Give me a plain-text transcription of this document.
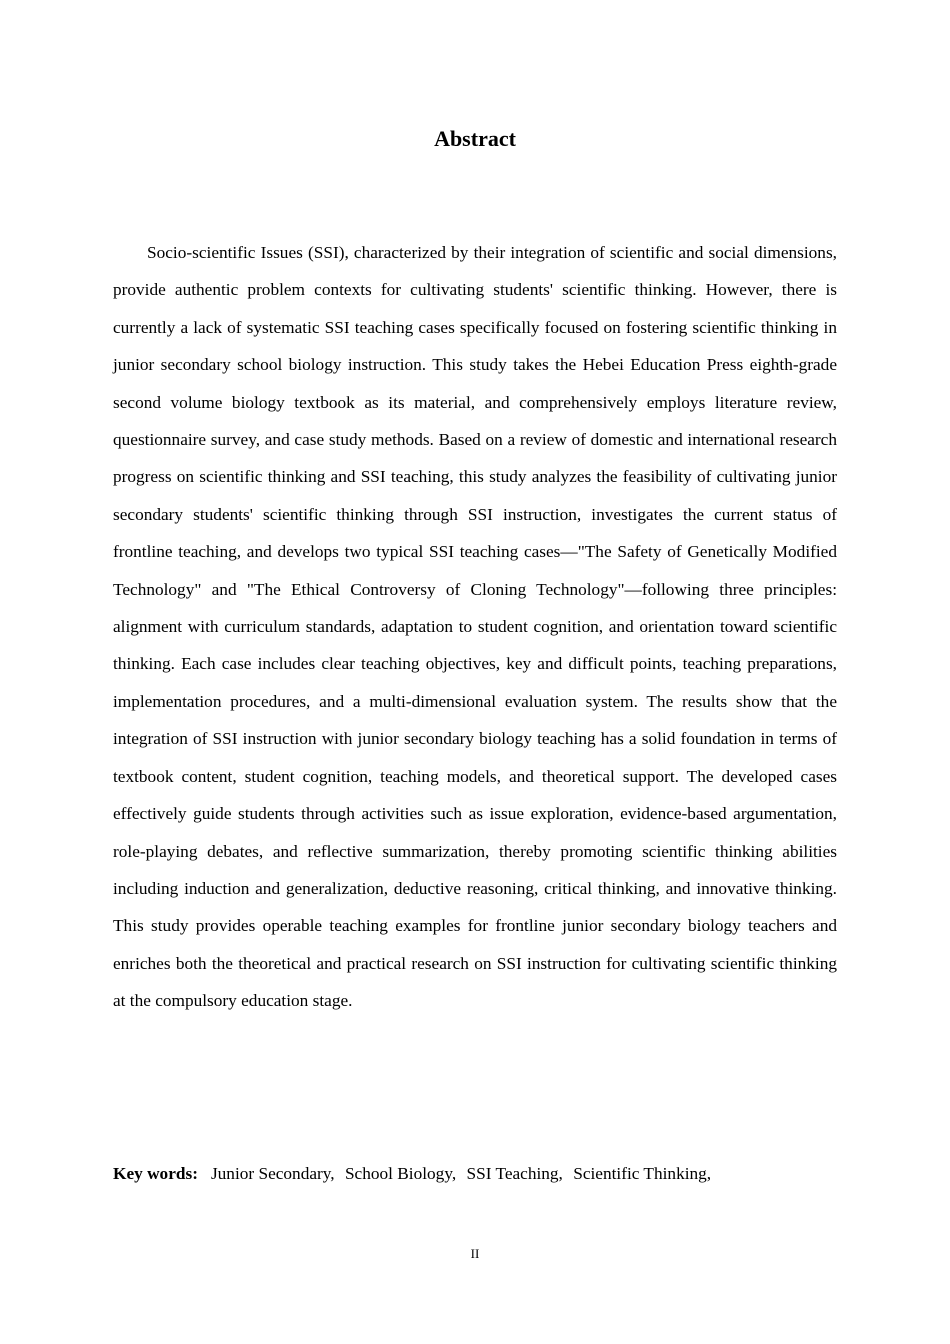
Abstract

Socio-scientific Issues (SSI), characterized by their integration of scientific and social dimensions, provide authentic problem contexts for cultivating students' scientific thinking. However, there is currently a lack of systematic SSI teaching cases specifically focused on fostering scientific thinking in junior secondary school biology instruction. This study takes the Hebei Education Press eighth-grade second volume biology textbook as its material, and comprehensively employs literature review, questionnaire survey, and case study methods. Based on a review of domestic and international research progress on scientific thinking and SSI teaching, this study analyzes the feasibility of cultivating junior secondary students' scientific thinking through SSI instruction, investigates the current status of frontline teaching, and develops two typical SSI teaching cases—"The Safety of Genetically Modified Technology" and "The Ethical Controversy of Cloning Technology"—following three principles: alignment with curriculum standards, adaptation to student cognition, and orientation toward scientific thinking. Each case includes clear teaching objectives, key and difficult points, teaching preparations, implementation procedures, and a multi-dimensional evaluation system. The results show that the integration of SSI instruction with junior secondary biology teaching has a solid foundation in terms of textbook content, student cognition, teaching models, and theoretical support. The developed cases effectively guide students through activities such as issue exploration, evidence-based argumentation, role-playing debates, and reflective summarization, thereby promoting scientific thinking abilities including induction and generalization, deductive reasoning, critical thinking, and innovative thinking. This study provides operable teaching examples for frontline junior secondary biology teachers and enriches both the theoretical and practical research on SSI instruction for cultivating scientific thinking at the compulsory education stage.

Key words: Junior Secondary, School Biology, SSI Teaching, Scientific Thinking,

II
